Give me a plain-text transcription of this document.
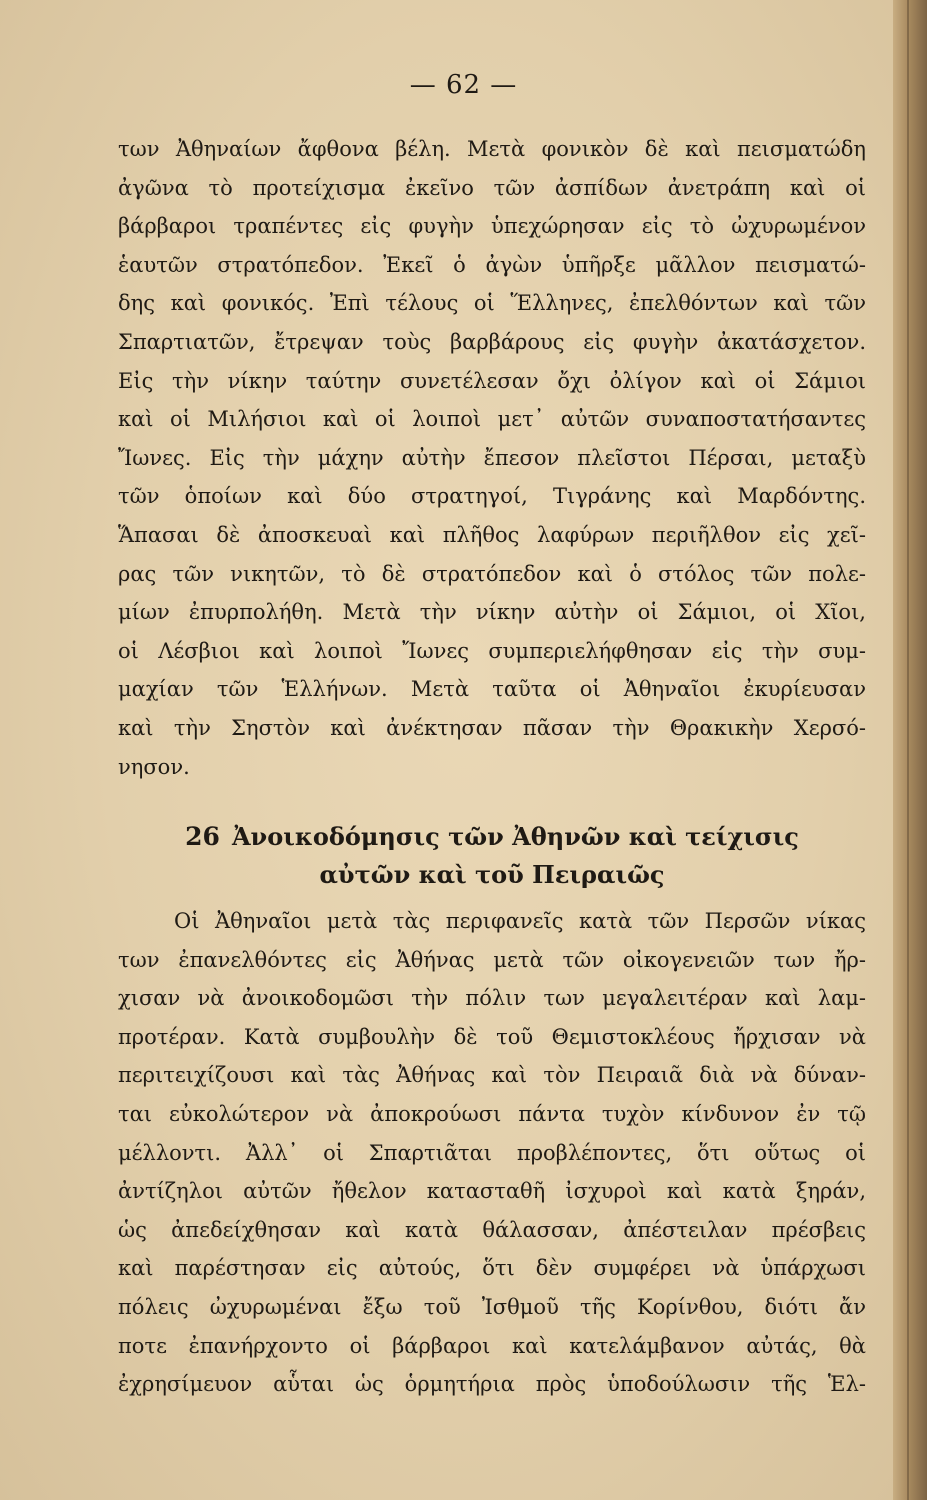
— 62 —
των Ἀθηναίων ἄφθονα βέλη. Μετὰ φονικὸν δὲ καὶ πεισματώδη
ἀγῶνα τὸ προτείχισμα ἐκεῖνο τῶν ἀσπίδων ἀνετράπη καὶ οἱ
βάρβαροι τραπέντες εἰς φυγὴν ὑπεχώρησαν εἰς τὸ ὠχυρωμένον
ἑαυτῶν στρατόπεδον. Ἐκεῖ ὁ ἀγὼν ὑπῆρξε μᾶλλον πεισματώ-
δης καὶ φονικός. Ἐπὶ τέλους οἱ Ἕλληνες, ἐπελθόντων καὶ τῶν
Σπαρτιατῶν, ἔτρεψαν τοὺς βαρβάρους εἰς φυγὴν ἀκατάσχετον.
Εἰς τὴν νίκην ταύτην συνετέλεσαν ὄχι ὀλίγον καὶ οἱ Σάμιοι
καὶ οἱ Μιλήσιοι καὶ οἱ λοιποὶ μετ᾽ αὐτῶν συναποστατήσαντες
Ἴωνες. Εἰς τὴν μάχην αὐτὴν ἔπεσον πλεῖστοι Πέρσαι, μεταξὺ
τῶν ὁποίων καὶ δύο στρατηγοί, Τιγράνης καὶ Μαρδόντης.
Ἅπασαι δὲ ἀποσκευαὶ καὶ πλῆθος λαφύρων περιῆλθον εἰς χεῖ-
ρας τῶν νικητῶν, τὸ δὲ στρατόπεδον καὶ ὁ στόλος τῶν πολε-
μίων ἐπυρπολήθη. Μετὰ τὴν νίκην αὐτὴν οἱ Σάμιοι, οἱ Χῖοι,
οἱ Λέσβιοι καὶ λοιποὶ Ἴωνες συμπεριελήφθησαν εἰς τὴν συμ-
μαχίαν τῶν Ἑλλήνων. Μετὰ ταῦτα οἱ Ἀθηναῖοι ἐκυρίευσαν
καὶ τὴν Σηστὸν καὶ ἀνέκτησαν πᾶσαν τὴν Θρακικὴν Χερσό-
νησον.
26 Ἀνοικοδόμησις τῶν Ἀθηνῶν καὶ τείχισις
αὐτῶν καὶ τοῦ Πειραιῶς
Οἱ Ἀθηναῖοι μετὰ τὰς περιφανεῖς κατὰ τῶν Περσῶν νίκας
των ἐπανελθόντες εἰς Ἀθήνας μετὰ τῶν οἰκογενειῶν των ἤρ-
χισαν νὰ ἀνοικοδομῶσι τὴν πόλιν των μεγαλειτέραν καὶ λαμ-
προτέραν. Κατὰ συμβουλὴν δὲ τοῦ Θεμιστοκλέους ἤρχισαν νὰ
περιτειχίζουσι καὶ τὰς Ἀθήνας καὶ τὸν Πειραιᾶ διὰ νὰ δύναν-
ται εὐκολώτερον νὰ ἀποκρούωσι πάντα τυχὸν κίνδυνον ἐν τῷ
μέλλοντι. Ἀλλ᾽ οἱ Σπαρτιᾶται προβλέποντες, ὅτι οὕτως οἱ
ἀντίζηλοι αὐτῶν ἤθελον κατασταθῆ ἰσχυροὶ καὶ κατὰ ξηράν,
ὡς ἀπεδείχθησαν καὶ κατὰ θάλασσαν, ἀπέστειλαν πρέσβεις
καὶ παρέστησαν εἰς αὐτούς, ὅτι δὲν συμφέρει νὰ ὑπάρχωσι
πόλεις ὠχυρωμέναι ἔξω τοῦ Ἰσθμοῦ τῆς Κορίνθου, διότι ἄν
ποτε ἐπανήρχοντο οἱ βάρβαροι καὶ κατελάμβανον αὐτάς, θὰ
ἐχρησίμευον αὗται ὡς ὁρμητήρια πρὸς ὑποδούλωσιν τῆς Ἑλ-
